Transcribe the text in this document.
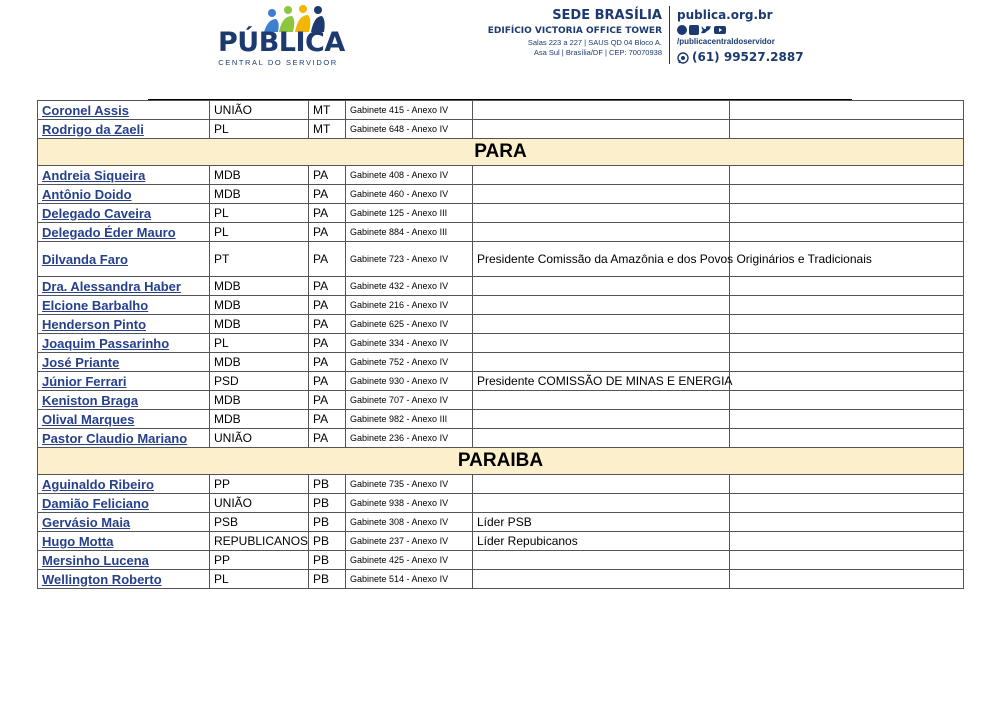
PÚBLICA
CENTRAL DO SERVIDOR
SEDE BRASÍLIA
EDIFÍCIO VICTORIA OFFICE TOWER
Salas 223 a 227 | SAUS QD 04 Bloco A.
Asa Sul | Brasília/DF | CEP: 70070938
publica.org.br
/publicacentraldoservidor
(61) 99527.2887
Coronel Assis	UNIÃO	MT	Gabinete 415 - Anexo IV		
Rodrigo da Zaeli	PL	MT	Gabinete 648 - Anexo IV		
PARA					
Andreia Siqueira	MDB	PA	Gabinete 408 - Anexo IV		
Antônio Doido	MDB	PA	Gabinete 460 - Anexo IV		
Delegado Caveira	PL	PA	Gabinete 125 - Anexo III		
Delegado Éder Mauro	PL	PA	Gabinete 884 - Anexo III		
Dilvanda Faro	PT	PA	Gabinete 723 - Anexo IV	Presidente Comissão da Amazônia e dos Povos Originários e Tradicionais	
Dra. Alessandra Haber	MDB	PA	Gabinete 432 - Anexo IV		
Elcione Barbalho	MDB	PA	Gabinete 216 - Anexo IV		
Henderson Pinto	MDB	PA	Gabinete 625 - Anexo IV		
Joaquim Passarinho	PL	PA	Gabinete 334 - Anexo IV		
José Priante	MDB	PA	Gabinete 752 - Anexo IV		
Júnior Ferrari	PSD	PA	Gabinete 930 - Anexo IV	Presidente COMISSÃO DE MINAS E ENERGIA	
Keniston Braga	MDB	PA	Gabinete 707 - Anexo IV		
Olival Marques	MDB	PA	Gabinete 982 - Anexo III		
Pastor Claudio Mariano	UNIÃO	PA	Gabinete 236 - Anexo IV		
PARAIBA					
Aguinaldo Ribeiro	PP	PB	Gabinete 735 - Anexo IV		
Damião Feliciano	UNIÃO	PB	Gabinete 938 - Anexo IV		
Gervásio Maia	PSB	PB	Gabinete 308 - Anexo IV	Líder PSB	
Hugo Motta	REPUBLICANOS	PB	Gabinete 237 - Anexo IV	Líder Repubicanos	
Mersinho Lucena	PP	PB	Gabinete 425 - Anexo IV		
Wellington Roberto	PL	PB	Gabinete 514 - Anexo IV		
